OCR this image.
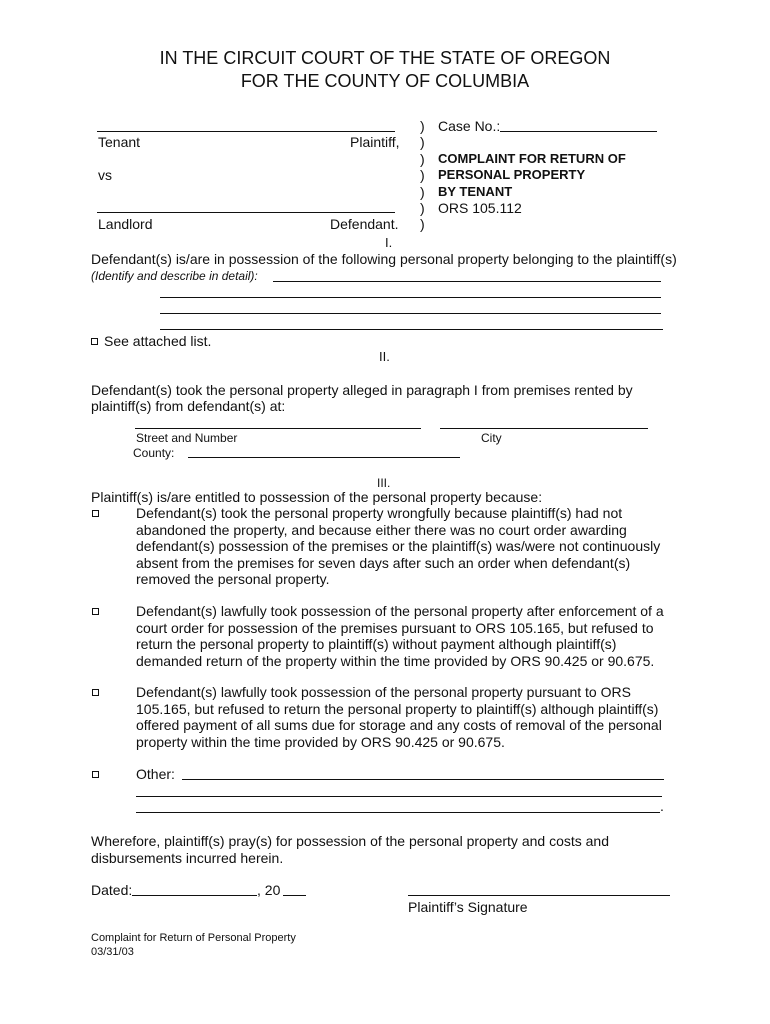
IN THE CIRCUIT COURT OF THE STATE OF OREGON
FOR THE COUNTY OF COLUMBIA
Tenant	Plaintiff,
vs
Landlord	Defendant.
)
)
)
)
)
)
)
Case No.:
COMPLAINT FOR RETURN OF
PERSONAL PROPERTY
BY TENANT
ORS 105.112
I.
Defendant(s) is/are in possession of the following personal property belonging to the plaintiff(s)
(Identify and describe in detail):
See attached list.
II.
Defendant(s) took the personal property alleged in paragraph I from premises rented by
plaintiff(s) from defendant(s) at:
Street and Number	City
County:
III.
Plaintiff(s) is/are entitled to possession of the personal property because:
Defendant(s) took the personal property wrongfully because plaintiff(s) had not
abandoned the property, and because either there was no court order awarding
defendant(s) possession of the premises or the plaintiff(s) was/were not continuously
absent from the premises for seven days after such an order when defendant(s)
removed the personal property.
Defendant(s) lawfully took possession of the personal property after enforcement of a
court order for possession of the premises pursuant to ORS 105.165, but refused to
return the personal property to plaintiff(s) without payment although plaintiff(s)
demanded return of the property within the time provided by ORS 90.425 or 90.675.
Defendant(s) lawfully took possession of the personal property pursuant to ORS
105.165, but refused to return the personal property to plaintiff(s) although plaintiff(s)
offered payment of all sums due for storage and any costs of removal of the personal
property within the time provided by ORS 90.425 or 90.675.
Other:
.
Wherefore, plaintiff(s) pray(s) for possession of the personal property and costs and
disbursements incurred herein.
Dated:	, 20
Plaintiff’s Signature
Complaint for Return of Personal Property
03/31/03
